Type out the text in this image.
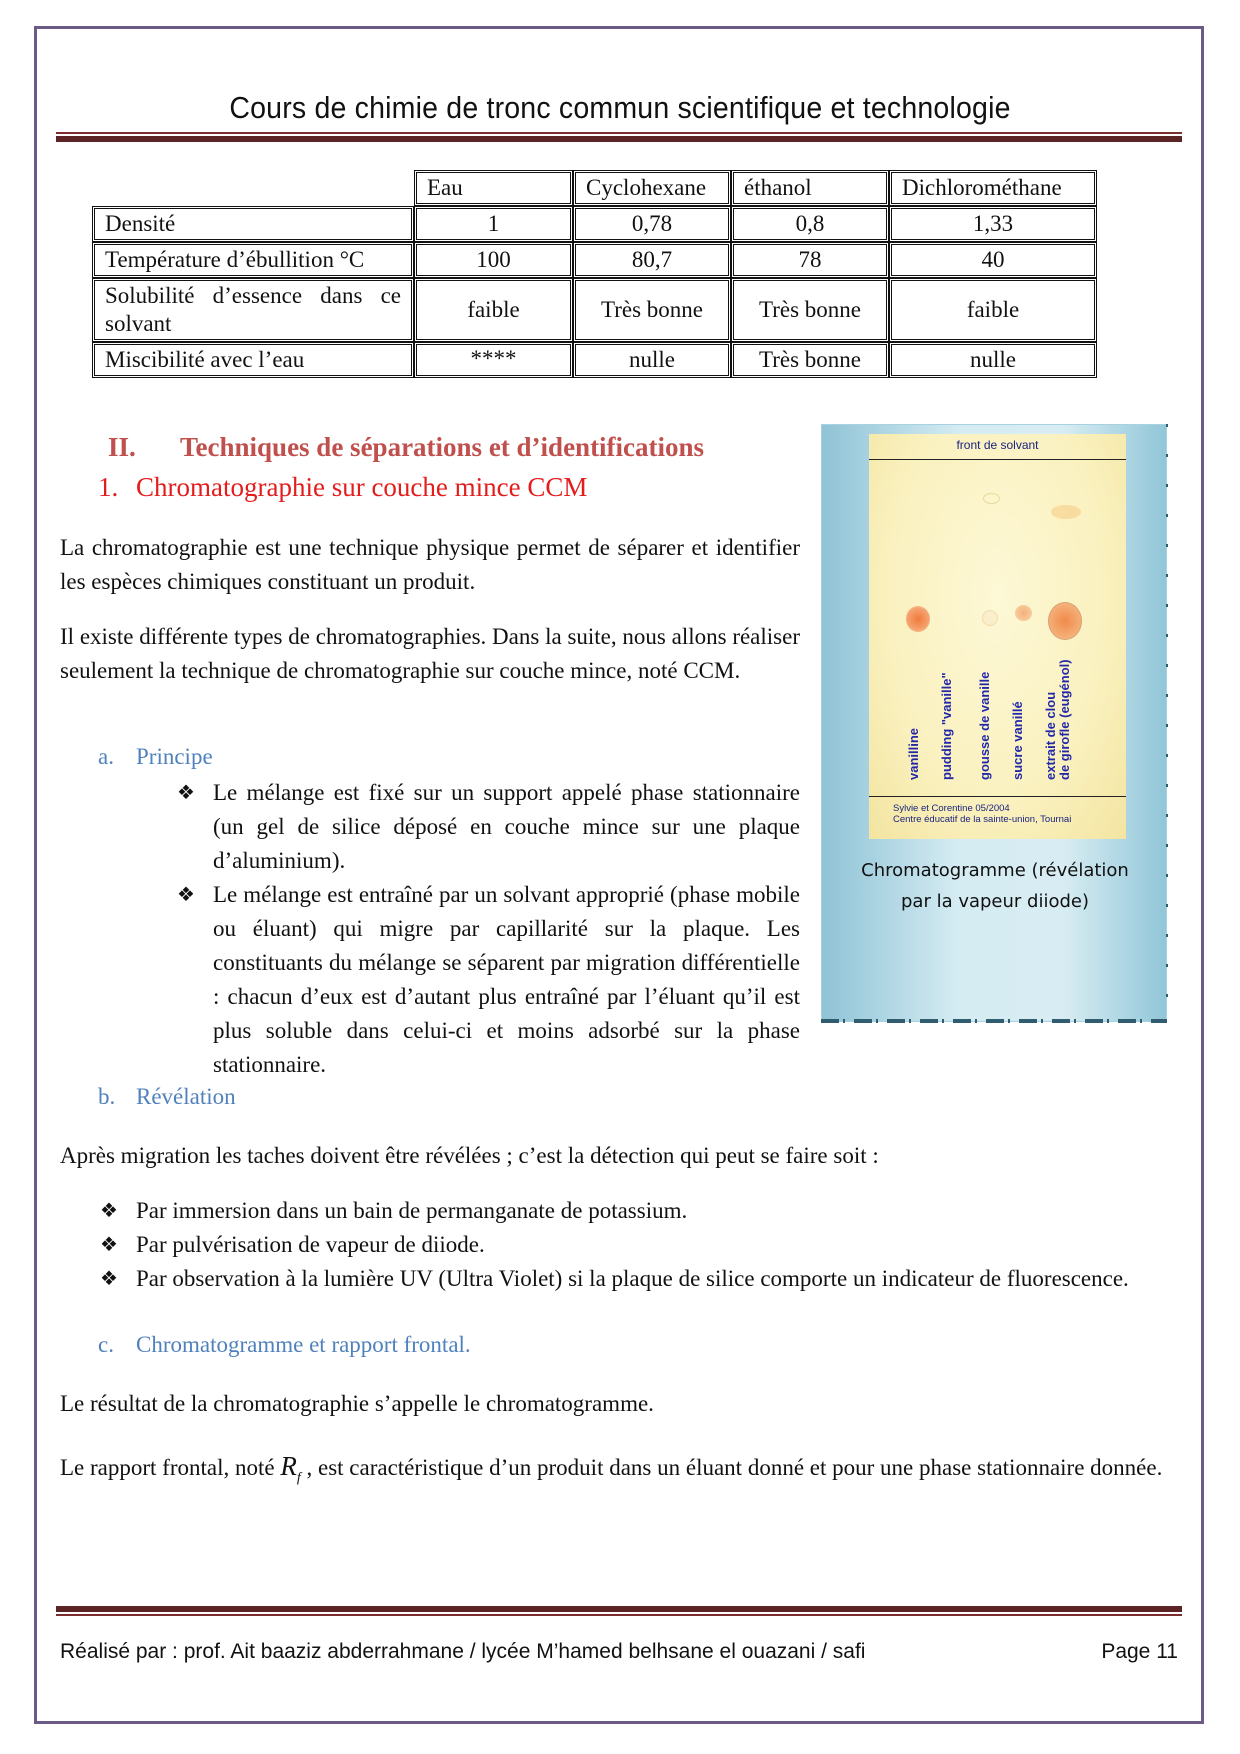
Cours de chimie de tronc commun scientifique et technologie
	Eau	Cyclohexane	éthanol	Dichlorométhane
Densité	1	0,78	0,8	1,33
Température d’ébullition °C	100	80,7	78	40
Solubilité d’essence dans ce solvant	faible	Très bonne	Très bonne	faible
Miscibilité avec l’eau	****	nulle	Très bonne	nulle
II. Techniques de séparations et d’identifications
1. Chromatographie sur couche mince CCM
La chromatographie est une technique physique permet de séparer et identifier les espèces chimiques constituant un produit.
Il existe différente types de chromatographies. Dans la suite, nous allons réaliser seulement la technique de chromatographie sur couche mince, noté CCM.
a. Principe
❖ Le mélange est fixé sur un support appelé phase stationnaire (un gel de silice déposé en couche mince sur une plaque d’aluminium).
❖ Le mélange est entraîné par un solvant approprié (phase mobile ou éluant) qui migre par capillarité sur la plaque. Les constituants du mélange se séparent par migration différentielle : chacun d’eux est d’autant plus entraîné par l’éluant qu’il est plus soluble dans celui-ci et moins adsorbé sur la phase stationnaire.
b. Révélation
Après migration les taches doivent être révélées ; c’est la détection qui peut se faire soit :
❖ Par immersion dans un bain de permanganate de potassium.
❖ Par pulvérisation de vapeur de diiode.
❖ Par observation à la lumière UV (Ultra Violet) si la plaque de silice comporte un indicateur de fluorescence.
c. Chromatogramme et rapport frontal.
Le résultat de la chromatographie s’appelle le chromatogramme.
Le rapport frontal, noté $R_f$ , est caractéristique d’un produit dans un éluant donné et pour une phase stationnaire donnée.
front de solvant
vanilline pudding "vanille" gousse de vanille sucre vanillé extrait de clou de girofle (eugénol)
Sylvie et Corentine 05/2004
Centre éducatif de la sainte-union, Tournai
Chromatogramme (révélation
par la vapeur diiode)
Réalisé par : prof. Ait baaziz abderrahmane / lycée M’hamed belhsane el ouazani / safi	Page 11
